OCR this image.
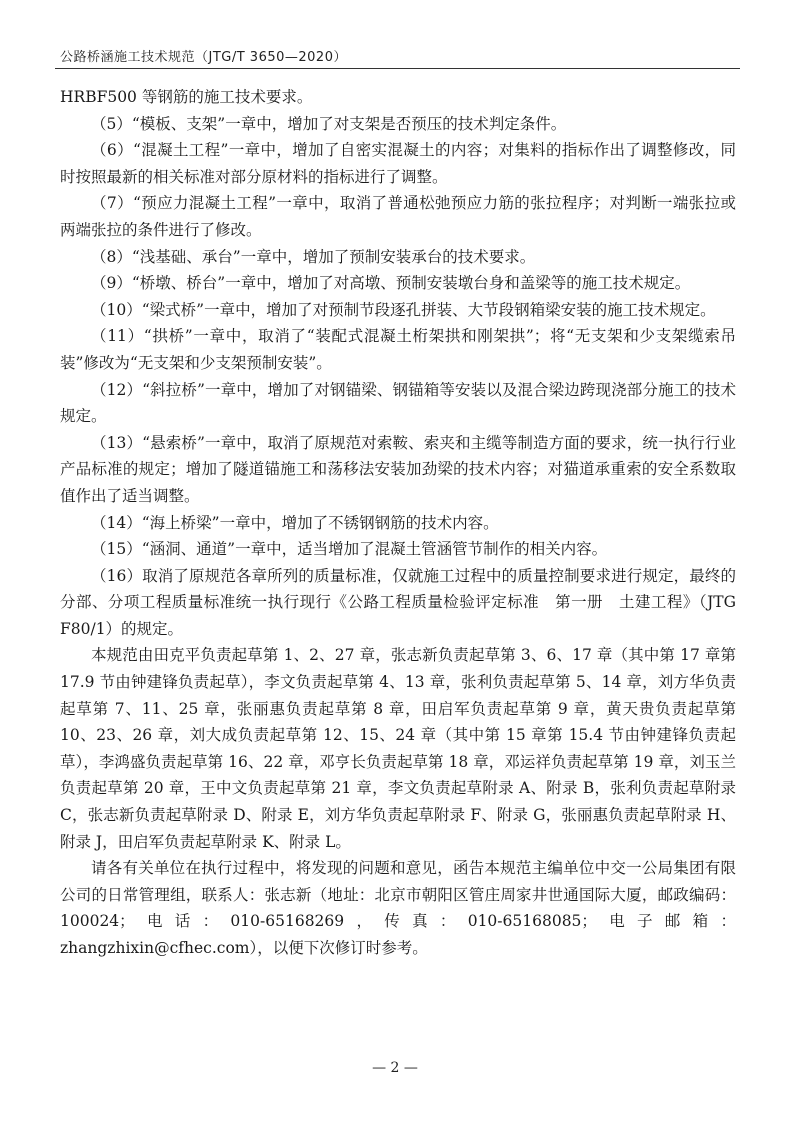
公路桥涵施工技术规范（JTG/T 3650—2020）

HRBF500 等钢筋的施工技术要求。

（5）“模板、支架”一章中，增加了对支架是否预压的技术判定条件。

（6）“混凝土工程”一章中，增加了自密实混凝土的内容；对集料的指标作出了调整修改，同时按照最新的相关标准对部分原材料的指标进行了调整。

（7）“预应力混凝土工程”一章中，取消了普通松弛预应力筋的张拉程序；对判断一端张拉或两端张拉的条件进行了修改。

（8）“浅基础、承台”一章中，增加了预制安装承台的技术要求。

（9）“桥墩、桥台”一章中，增加了对高墩、预制安装墩台身和盖梁等的施工技术规定。

（10）“梁式桥”一章中，增加了对预制节段逐孔拼装、大节段钢箱梁安装的施工技术规定。

（11）“拱桥”一章中，取消了“装配式混凝土桁架拱和刚架拱”；将“无支架和少支架缆索吊装”修改为“无支架和少支架预制安装”。

（12）“斜拉桥”一章中，增加了对钢锚梁、钢锚箱等安装以及混合梁边跨现浇部分施工的技术规定。

（13）“悬索桥”一章中，取消了原规范对索鞍、索夹和主缆等制造方面的要求，统一执行行业产品标准的规定；增加了隧道锚施工和荡移法安装加劲梁的技术内容；对猫道承重索的安全系数取值作出了适当调整。

（14）“海上桥梁”一章中，增加了不锈钢钢筋的技术内容。

（15）“涵洞、通道”一章中，适当增加了混凝土管涵管节制作的相关内容。

（16）取消了原规范各章所列的质量标准，仅就施工过程中的质量控制要求进行规定，最终的分部、分项工程质量标准统一执行现行《公路工程质量检验评定标准　第一册　土建工程》（JTG F80/1）的规定。

本规范由田克平负责起草第 1、2、27 章，张志新负责起草第 3、6、17 章（其中第 17 章第 17.9 节由钟建锋负责起草），李文负责起草第 4、13 章，张利负责起草第 5、14 章，刘方华负责起草第 7、11、25 章，张丽惠负责起草第 8 章，田启军负责起草第 9 章，黄天贵负责起草第 10、23、26 章，刘大成负责起草第 12、15、24 章（其中第 15 章第 15.4 节由钟建锋负责起草），李鸿盛负责起草第 16、22 章，邓亨长负责起草第 18 章，邓运祥负责起草第 19 章，刘玉兰负责起草第 20 章，王中文负责起草第 21 章，李文负责起草附录 A、附录 B，张利负责起草附录 C，张志新负责起草附录 D、附录 E，刘方华负责起草附录 F、附录 G，张丽惠负责起草附录 H、附录 J，田启军负责起草附录 K、附录 L。

请各有关单位在执行过程中，将发现的问题和意见，函告本规范主编单位中交一公局集团有限公司的日常管理组，联系人：张志新（地址：北京市朝阳区管庄周家井世通国际大厦，邮政编码：100024；电话：010-65168269，传真：010-65168085；电子邮箱：zhangzhixin@cfhec.com），以便下次修订时参考。

— 2 —
